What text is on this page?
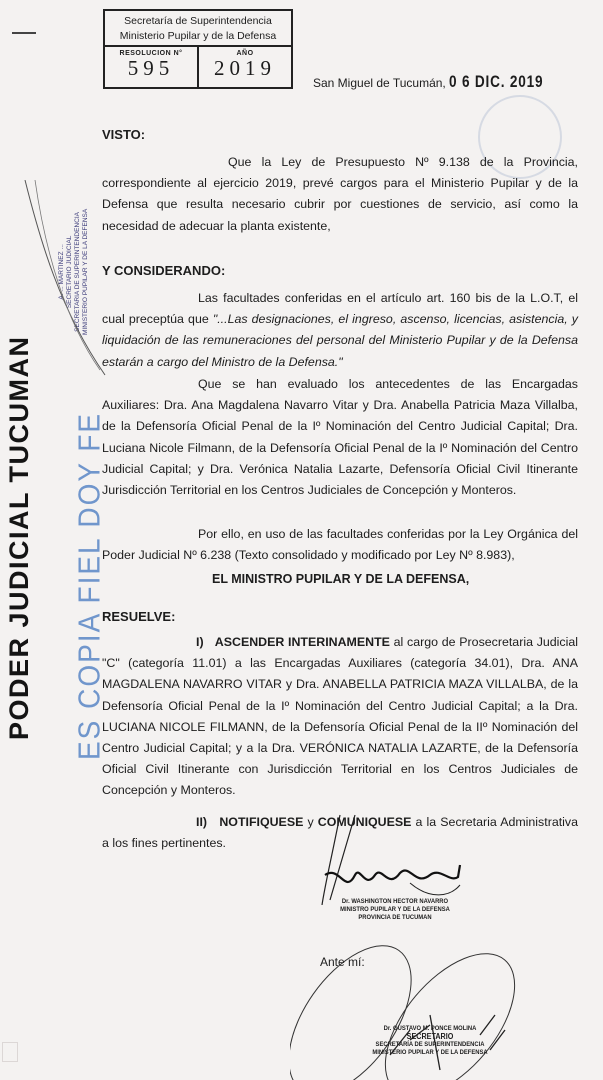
Secretaría de Superintendencia
Ministerio Pupilar y de la Defensa
RESOLUCION N°
595
AÑO
2019
San Miguel de Tucumán, 0 6 DIC. 2019
PODER JUDICIAL TUCUMAN ES COPIA FIEL DOY FE
A. ... MARTINEZ ... SECRETARIO JUDICIAL SECRETARIA DE SUPERINTENDENCIA MINISTERIO PUPILAR Y DE LA DEFENSA
VISTO:
Que la Ley de Presupuesto Nº 9.138 de la Provincia, correspondiente al ejercicio 2019, prevé cargos para el Ministerio Pupilar y de la Defensa que resulta necesario cubrir por cuestiones de servicio, así como la necesidad de adecuar la planta existente,
Y CONSIDERANDO:
Las facultades conferidas en el artículo art. 160 bis de la L.O.T, el cual preceptúa que "...Las designaciones, el ingreso, ascenso, licencias, asistencia, y liquidación de las remuneraciones del personal del Ministerio Pupilar y de la Defensa estarán a cargo del Ministro de la Defensa."
Que se han evaluado los antecedentes de las Encargadas Auxiliares: Dra. Ana Magdalena Navarro Vitar y Dra. Anabella Patricia Maza Villalba, de la Defensoría Oficial Penal de la Iº Nominación del Centro Judicial Capital; Dra. Luciana Nicole Filmann, de la Defensoría Oficial Penal de la Iº Nominación del Centro Judicial Capital; y Dra. Verónica Natalia Lazarte, Defensoría Oficial Civil Itinerante Jurisdicción Territorial en los Centros Judiciales de Concepción y Monteros.
Por ello, en uso de las facultades conferidas por la Ley Orgánica del Poder Judicial Nº 6.238 (Texto consolidado y modificado por Ley Nº 8.983),
EL MINISTRO PUPILAR Y DE LA DEFENSA,
RESUELVE:
I) ASCENDER INTERINAMENTE al cargo de Prosecretaria Judicial "C" (categoría 11.01) a las Encargadas Auxiliares (categoría 34.01), Dra. ANA MAGDALENA NAVARRO VITAR y Dra. ANABELLA PATRICIA MAZA VILLALBA, de la Defensoría Oficial Penal de la Iº Nominación del Centro Judicial Capital; a la Dra. LUCIANA NICOLE FILMANN, de la Defensoría Oficial Penal de la IIº Nominación del Centro Judicial Capital; y a la Dra. VERÓNICA NATALIA LAZARTE, de la Defensoría Oficial Civil Itinerante con Jurisdicción Territorial en los Centros Judiciales de Concepción y Monteros.
II) NOTIFIQUESE y COMUNIQUESE a la Secretaria Administrativa a los fines pertinentes.
Dr. WASHINGTON HECTOR NAVARRO
MINISTRO PUPILAR Y DE LA DEFENSA
PROVINCIA DE TUCUMAN
Ante mí:
Dr. GUSTAVO M. PONCE MOLINA
SECRETARIO
SECRETARÍA DE SUPERINTENDENCIA
MINISTERIO PUPILAR Y DE LA DEFENSA
